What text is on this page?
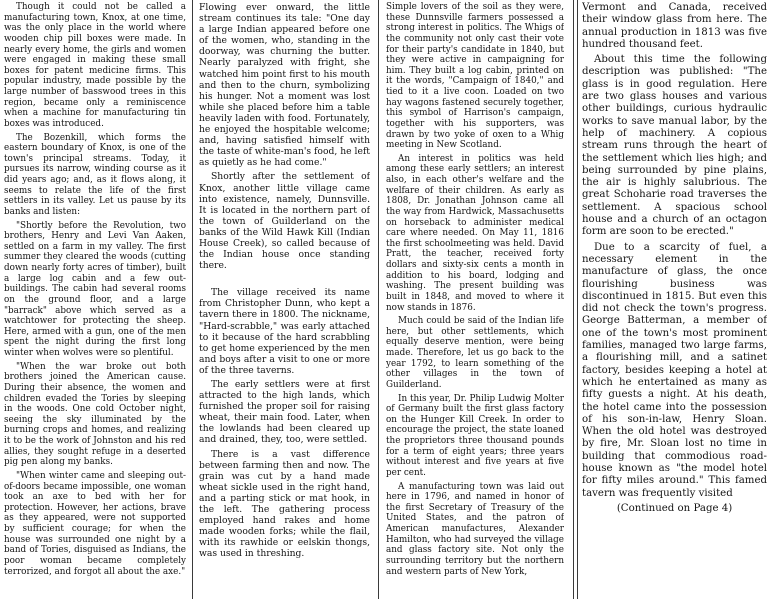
Though it could not be called a manufacturing town, Knox, at one time, was the only place in the world where wooden chip pill boxes were made. In nearly every home, the girls and women were engaged in making these small boxes for patent medicine firms. This popular industry, made possible by the large number of basswood trees in this region, became only a reminiscence when a machine for manufacturing tin boxes was introduced.

The Bozenkill, which forms the eastern boundary of Knox, is one of the town's principal streams. Today, it pursues its narrow, winding course as it did years ago; and, as it flows along, it seems to relate the life of the first settlers in its valley. Let us pause by its banks and listen:

"Shortly before the Revolution, two brothers, Henry and Levi Van Aaken, settled on a farm in my valley. The first summer they cleared the woods (cutting down nearly forty acres of timber), built a large log cabin and a few out-buildings. The cabin had several rooms on the ground floor, and a large "barrack" above which served as a watchtower for protecting the sheep. Here, armed with a gun, one of the men spent the night during the first long winter when wolves were so plentiful.

"When the war broke out both brothers joined the American cause. During their absence, the women and children evaded the Tories by sleeping in the woods. One cold October night, seeing the sky illuminated by the burning crops and homes, and realizing it to be the work of Johnston and his red allies, they sought refuge in a deserted pig pen along my banks.

"When winter came and sleeping out-of-doors became impossible, one woman took an axe to bed with her for protection. However, her actions, brave as they appeared, were not supported by sufficient courage; for when the house was surrounded one night by a band of Tories, disguised as Indians, the poor woman became completely terrorized, and forgot all about the axe."

Flowing ever onward, the little stream continues its tale: "One day a large Indian appeared before one of the women, who, standing in the doorway, was churning the butter. Nearly paralyzed with fright, she watched him point first to his mouth and then to the churn, symbolizing his hunger. Not a moment was lost while she placed before him a table heavily laden with food. Fortunately, he enjoyed the hospitable welcome; and, having satisfied himself with the taste of white-man's food, he left as quietly as he had come."

Shortly after the settlement of Knox, another little village came into existence, namely, Dunnsville. It is located in the northern part of the town of Guilderland on the banks of the Wild Hawk Kill (Indian House Creek), so called because of the Indian house once standing there.

The village received its name from Christopher Dunn, who kept a tavern there in 1800. The nickname, "Hard-scrabble," was early attached to it because of the hard scrabbling to get home experienced by the men and boys after a visit to one or more of the three taverns.

The early settlers were at first attracted to the high lands, which furnished the proper soil for raising wheat, their main food. Later, when the lowlands had been cleared up and drained, they, too, were settled.

There is a vast difference between farming then and now. The grain was cut by a hand made wheat sickle used in the right hand, and a parting stick or mat hook, in the left. The gathering process employed hand rakes and home made wooden forks; while the flail, with its rawhide or eelskin thongs, was used in threshing.

Simple lovers of the soil as they were, these Dunnsville farmers possessed a strong interest in politics. The Whigs of the community not only cast their vote for their party's candidate in 1840, but they were active in campaigning for him. They built a log cabin, printed on it the words, "Campaign of 1840," and tied to it a live coon. Loaded on two hay wagons fastened securely together, this symbol of Harrison's campaign, together with his supporters, was drawn by two yoke of oxen to a Whig meeting in New Scotland.

An interest in politics was held among these early settlers; an interest also, in each other's welfare and the welfare of their children. As early as 1808, Dr. Jonathan Johnson came all the way from Hardwick, Massachusetts on horseback to administer medical care where needed. On May 11, 1816 the first schoolmeeting was held. David Pratt, the teacher, received forty dollars and sixty-six cents a month in addition to his board, lodging and washing. The present building was built in 1848, and moved to where it now stands in 1876.

Much could be said of the Indian life here, but other settlements, which equally deserve mention, were being made. Therefore, let us go back to the year 1792, to learn something of the other villages in the town of Guilderland.

In this year, Dr. Philip Ludwig Molter of Germany built the first glass factory on the Hunger Kill Creek. In order to encourage the project, the state loaned the proprietors three thousand pounds for a term of eight years; three years without interest and five years at five per cent.

A manufacturing town was laid out here in 1796, and named in honor of the first Secretary of Treasury of the United States, and the patron of American manufactures, Alexander Hamilton, who had surveyed the village and glass factory site. Not only the surrounding territory but the northern and western parts of New York,

Vermont and Canada, received their window glass from here. The annual production in 1813 was five hundred thousand feet.

About this time the following description was published: "The glass is in good regulation. Here are two glass houses and various other buildings, curious hydraulic works to save manual labor, by the help of machinery. A copious stream runs through the heart of the settlement which lies high; and being surrounded by pine plains, the air is highly salubrious. The great Schoharie road traverses the settlement. A spacious school house and a church of an octagon form are soon to be erected."

Due to a scarcity of fuel, a necessary element in the manufacture of glass, the once flourishing business was discontinued in 1815. But even this did not check the town's progress. George Batterman, a member of one of the town's most prominent families, managed two large farms, a flourishing mill, and a satinet factory, besides keeping a hotel at which he entertained as many as fifty guests a night. At his death, the hotel came into the possession of his son-in-law, Henry Sloan. When the old hotel was destroyed by fire, Mr. Sloan lost no time in building that commodious road-house known as "the model hotel for fifty miles around." This famed tavern was frequently visited

(Continued on Page 4)
